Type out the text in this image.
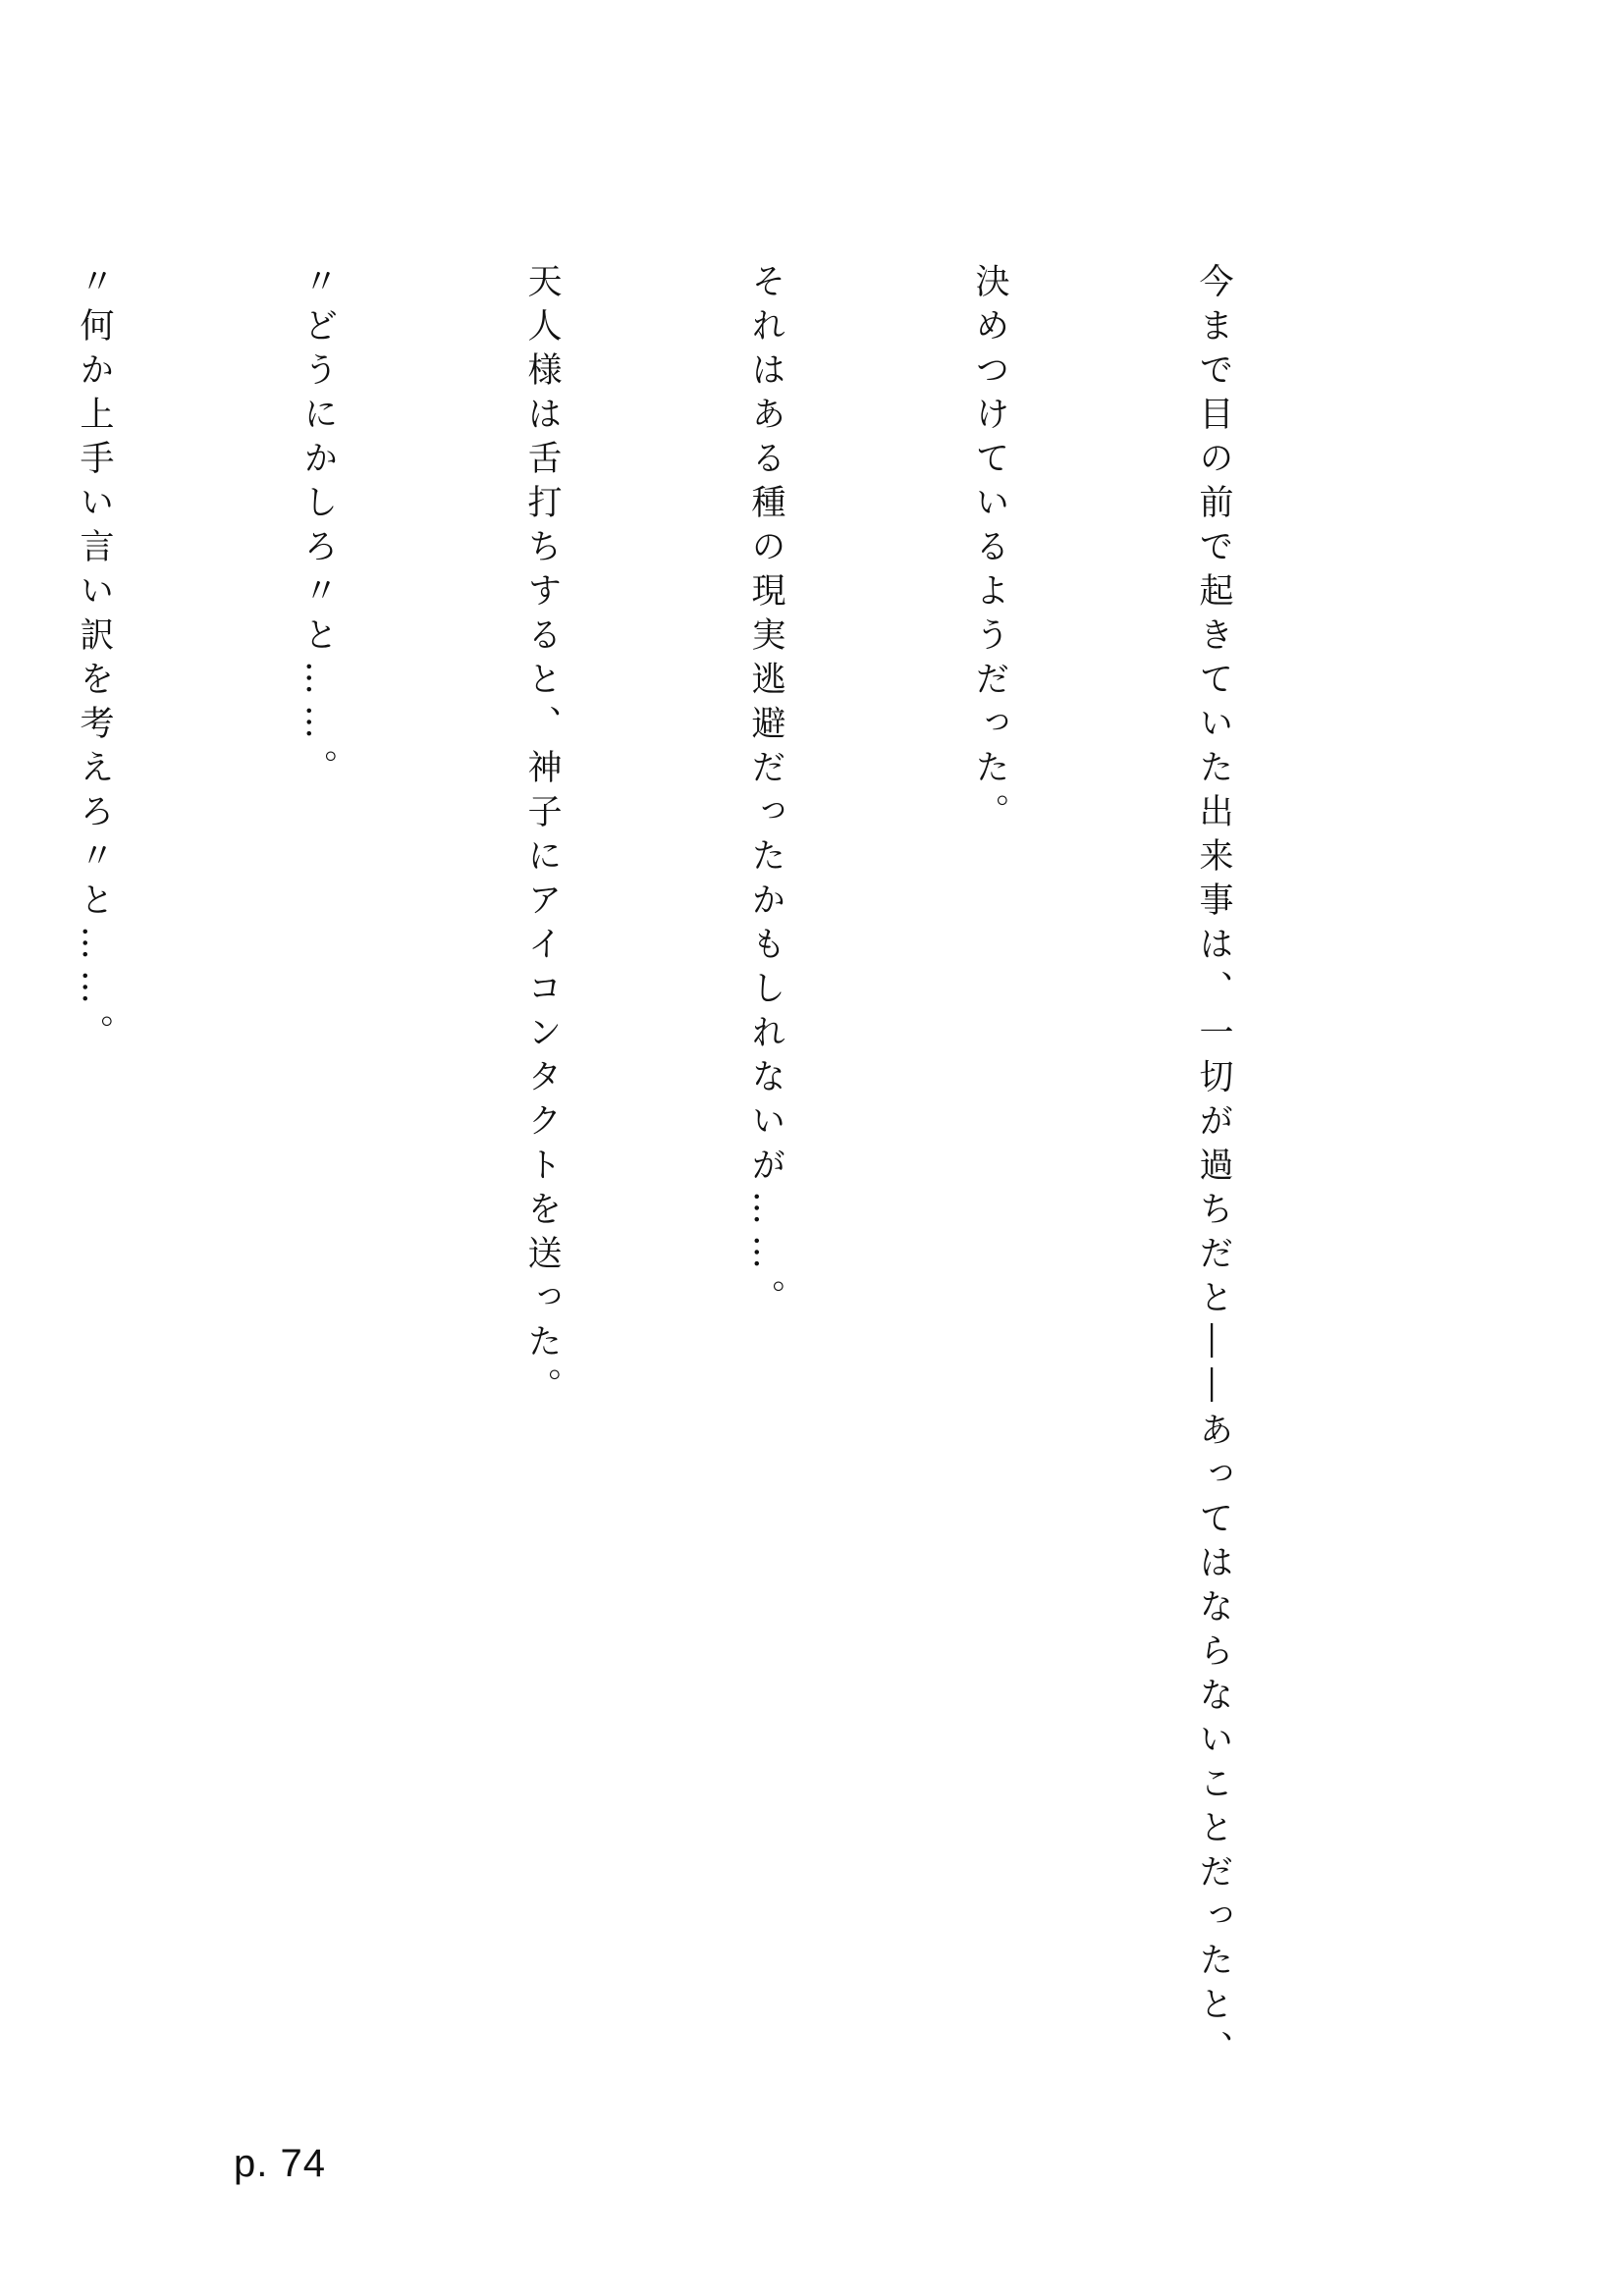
今まで目の前で起きていた出来事は、一切が過ちだと――あってはならないことだったと、

決めつけているようだった。

それはある種の現実逃避だったかもしれないが……。

天人様は舌打ちすると、神子にアイコンタクトを送った。

〃どうにかしろ〃と……。

〃何か上手い言い訳を考えろ〃と……。

p. 74
